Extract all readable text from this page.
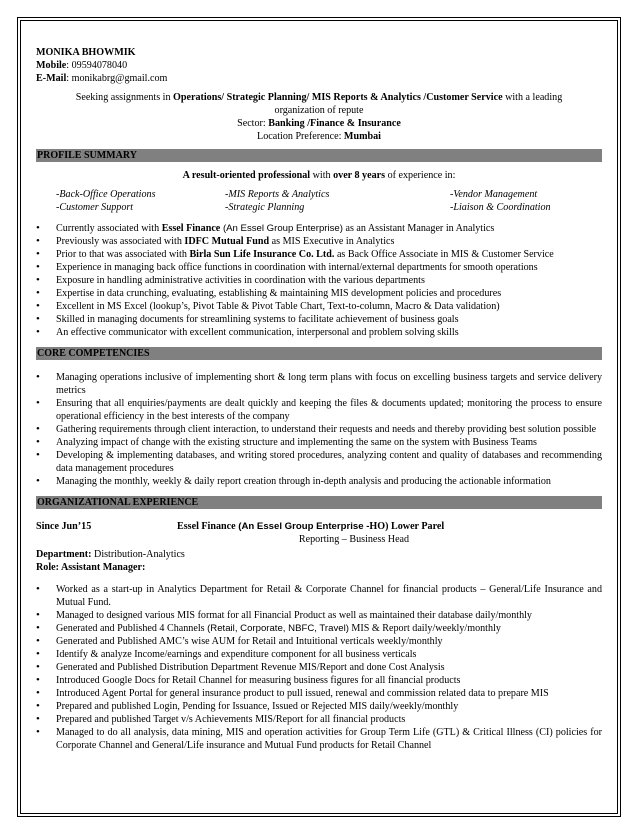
MONIKA BHOWMIK
Mobile: 09594078040
E-Mail: monikabrg@gmail.com
Seeking assignments in Operations/ Strategic Planning/ MIS Reports & Analytics /Customer Service with a leading
organization of repute
Sector: Banking /Finance & Insurance
Location Preference: Mumbai
PROFILE SUMMARY
A result-oriented professional with over 8 years of experience in:
-Back-Office Operations	-MIS Reports & Analytics	-Vendor Management
-Customer Support	-Strategic Planning	-Liaison & Coordination
• Currently associated with Essel Finance (An Essel Group Enterprise) as an Assistant Manager in Analytics
• Previously was associated with IDFC Mutual Fund as MIS Executive in Analytics
• Prior to that was associated with Birla Sun Life Insurance Co. Ltd. as Back Office Associate in MIS & Customer Service
• Experience in managing back office functions in coordination with internal/external departments for smooth operations
• Exposure in handling administrative activities in coordination with the various departments
• Expertise in data crunching, evaluating, establishing & maintaining MIS development policies and procedures
• Excellent in MS Excel (lookup’s, Pivot Table & Pivot Table Chart, Text-to-column, Macro & Data validation)
• Skilled in managing documents for streamlining systems to facilitate achievement of business goals
• An effective communicator with excellent communication, interpersonal and problem solving skills
CORE COMPETENCIES
• Managing operations inclusive of implementing short & long term plans with focus on excelling business targets and service delivery metrics
• Ensuring that all enquiries/payments are dealt quickly and keeping the files & documents updated; monitoring the process to ensure operational efficiency in the best interests of the company
• Gathering requirements through client interaction, to understand their requests and needs and thereby providing best solution possible
• Analyzing impact of change with the existing structure and implementing the same on the system with Business Teams
• Developing & implementing databases, and writing stored procedures, analyzing content and quality of databases and recommending data management procedures
• Managing the monthly, weekly & daily report creation through in-depth analysis and producing the actionable information
ORGANIZATIONAL EXPERIENCE
Since Jun’15	Essel Finance (An Essel Group Enterprise -HO) Lower Parel
Reporting – Business Head
Department: Distribution-Analytics
Role: Assistant Manager:
• Worked as a start-up in Analytics Department for Retail & Corporate Channel for financial products – General/Life Insurance and Mutual Fund.
• Managed to designed various MIS format for all Financial Product as well as maintained their database daily/monthly
• Generated and Published 4 Channels (Retail, Corporate, NBFC, Travel) MIS & Report daily/weekly/monthly
• Generated and Published AMC’s wise AUM for Retail and Intuitional verticals weekly/monthly
• Identify & analyze Income/earnings and expenditure component for all business verticals
• Generated and Published Distribution Department Revenue MIS/Report and done Cost Analysis
• Introduced Google Docs for Retail Channel for measuring business figures for all financial products
• Introduced Agent Portal for general insurance product to pull issued, renewal and commission related data to prepare MIS
• Prepared and published Login, Pending for Issuance, Issued or Rejected MIS daily/weekly/monthly
• Prepared and published Target v/s Achievements MIS/Report for all financial products
• Managed to do all analysis, data mining, MIS and operation activities for Group Term Life (GTL) & Critical Illness (CI) policies for Corporate Channel and General/Life insurance and Mutual Fund products for Retail Channel
